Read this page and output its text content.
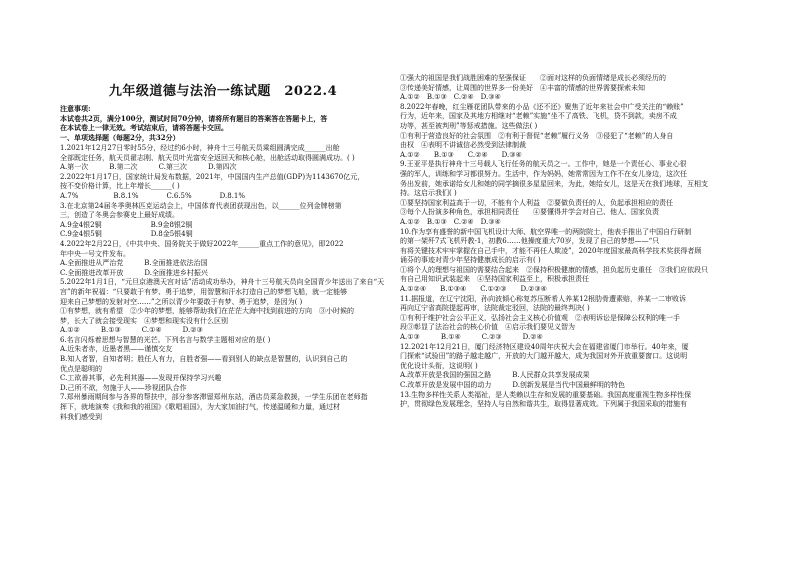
九年级道德与法治一练试题　2022.4
注意事项:
本试卷共2页，满分100分，测试时间70分钟，请将所有题目的答案答在答题卡上，答
在本试卷上一律无效。考试结束后，请将答题卡交回。
一、单项选择题（每题2分，共32分）
1.2021年12月27日零时55分，经过约6小时，神舟十三号航天员乘组圆满完成______出舱
全部既定任务，航天员翟志刚、航天员叶光富安全返回天和核心舱，出舱活动取得圆满成功。( )
A.第一次　　　B.第二次　　　C.第三次　　　D.第四次
2.2022年1月17日，国家统计局发布数据，2021年，中国国内生产总值(GDP)为1143670亿元，
按不变价格计算，比上年增长______( )
A.7%　　　　　B.8.1%　　　　C.6.5%　　　　D.8.1%
3.在北京第24届冬季奥林匹克运动会上，中国体育代表团获现出色，以______位列金牌榜第
三，创造了冬奥会参赛史上最好成绩。
A.9金4银2铜　　　　　　　B.9金8银2铜
C.9金4银5铜　　　　　　　D.8金5银4铜
4.2022年2月22日，《中共中央、国务院关于做好2022年______重点工作的意见》，即2022
年中央一号文件发布。
A.全面推进从严治党　　　B.全面推进依法治国
C.全面推进改革开放　　　D.全面推进乡村振兴
5.2022年1月1日，“元旦京港澳天宫对话”活动成功举办，神舟十三号航天员向全国青少年送出了来自“天
宫”的新年祝福：“只要敢于有梦、勇于追梦，用智慧和汗水打造自己的梦想飞船，就一定能够
迎来自己梦想的发射对空……”之所以青少年要敢于有梦、勇于追梦，是因为( )
①有梦想，就有希望　②少年的梦想，能够帮助我们在茫茫大海中找到前进的方向　③小时候的
梦，长大了就会接受现实　④梦想和现实没有什么区别
A.①②　　　B.①③　　　C.①④　　　D.②③
6.名言闪烁着思想与智慧的光芒。下列名言与数学主题相对应的是( )
A.近朱者赤，近墨者黑——谨慎交友
B.知人者智，自知者明；胜任人有力，自胜者强——看到别人的缺点是智慧的，认识到自己的
优点是聪明的
C.工欲善其事，必先利其器——发现并保持学习兴趣
D.己所不欲，勿施于人——珍视团队合作
7.郑州暴雨期间参与各界的帮扶中，部分参客滞留郑州东站，酒店员菜急救援，一学生乐团在老师指
挥下，就地演奏《我和我的祖国》《歌唱祖国》，为大家加油打气，传递温暖和力量，通过材
料我们感受到
①强大的祖国是我们战胜困难的坚强保证　　②面对这样的负面情绪是成长必须经历的
③传递美好情感，让周围的世界多一份美好　④丰富的情感的世界需要探索未知
A.①②　B.①③　C.②④　D.③④
8.2022年春晚，红尘雁花团队带来的小品《还不还》聚焦了近年来社会中广受关注的“赖账”
行为，近年来，国家及其地方相继对“老赖”实施“坐不了高铁、飞机，贷不到款，卖房不成
功等，甚至被判刑”等惩戒措施。这些做法( )
①有利于营造良好的社会氛围　②有利于督促“老赖”履行义务　③侵犯了“老赖”的人身自
由权　④表明不讲诚信必然受到法律制裁
A.①②　　B.①③　　C.②④　　D.③④
9.王亚平是执行神舟十三号载人飞行任务的航天员之一。工作中，她是一个责任心、事业心很
强的军人，训练和学习都很努力。生活中，作为妈妈，她常常因为工作不在女儿身边，这次任
务出发前，她承诺给女儿和她的同学摘很多星星回来，为此，她给女儿，这是天在我们地球，互相支
持。这启示我们( )
①要坚持国家利益高于一切，不能有个人利益　②要做负责任的人，负起承担相应的责任
③每个人扮演多种角色，承担相同责任　　④要懂得并学会对自己、他人、国家负责
A.①②　B.①③　C.②④　D.③④
10.作为享有盛誉的新中国飞机设计大师、航空界唯一的两院院士，他表手推出了中国自行研制
的第一架歼7式飞机歼教-1，初教6……他操度重大70岁，发现了自己的梦想——“只
有将关键技术牢牢掌握在自己手中，才能不再任人欺凌”，2020年度国家最高科学技术奖获得者顾
诵芬的事迹对青少年坚持健康成长的启示有( )
①将个人的理想与祖国的需要结合起来　②保持积极健康的情感，担负起历史重任　③我们应依段只
有自己用知识武装起来　④坚持国家利益至上，积极承担责任
A.①②④　　B.①③④　　C.①②③　　D.②③④
11.据报道，在辽宁沈阳，孙向波倾心称复苏压断希人养某12根肋骨遭素赔，养某一二审败诉
再向辽宁省高院提起再审，法院裁定驳回，法院的最终判决( )
①有利于维护社会公平正义，弘扬社会主义核心价值观　②表明诉讼是保障公权利的唯一手
段③彰显了法治社会的核心价值　④启示我们要见义智为
A.①③　　　B.①④　　　C.②③　　　D.②④
12.2021年12月21日，厦门经济特区建设40周年庆祝大会在福建省厦门市举行。40年来，厦
门探索“试验田”的路子越走越广，开放的大门越开越大，成为我国对外开放重要窗口。这说明
优化设计头衔，这说明( )
A.改革开放是我国的强国之路　　　B.人民群众共享发展成果
C.改革开放是发展中国的动力　　　D.创新发展是当代中国最鲜明的特色
13.生物多样性关系人类福祉，是人类赖以生存和发展的重要基础。我国高度重视生物多样性保
护，贯彻绿色发展理念，坚持人与自然和谐共生，取得显著成效。下列属于我国采取的措施有
